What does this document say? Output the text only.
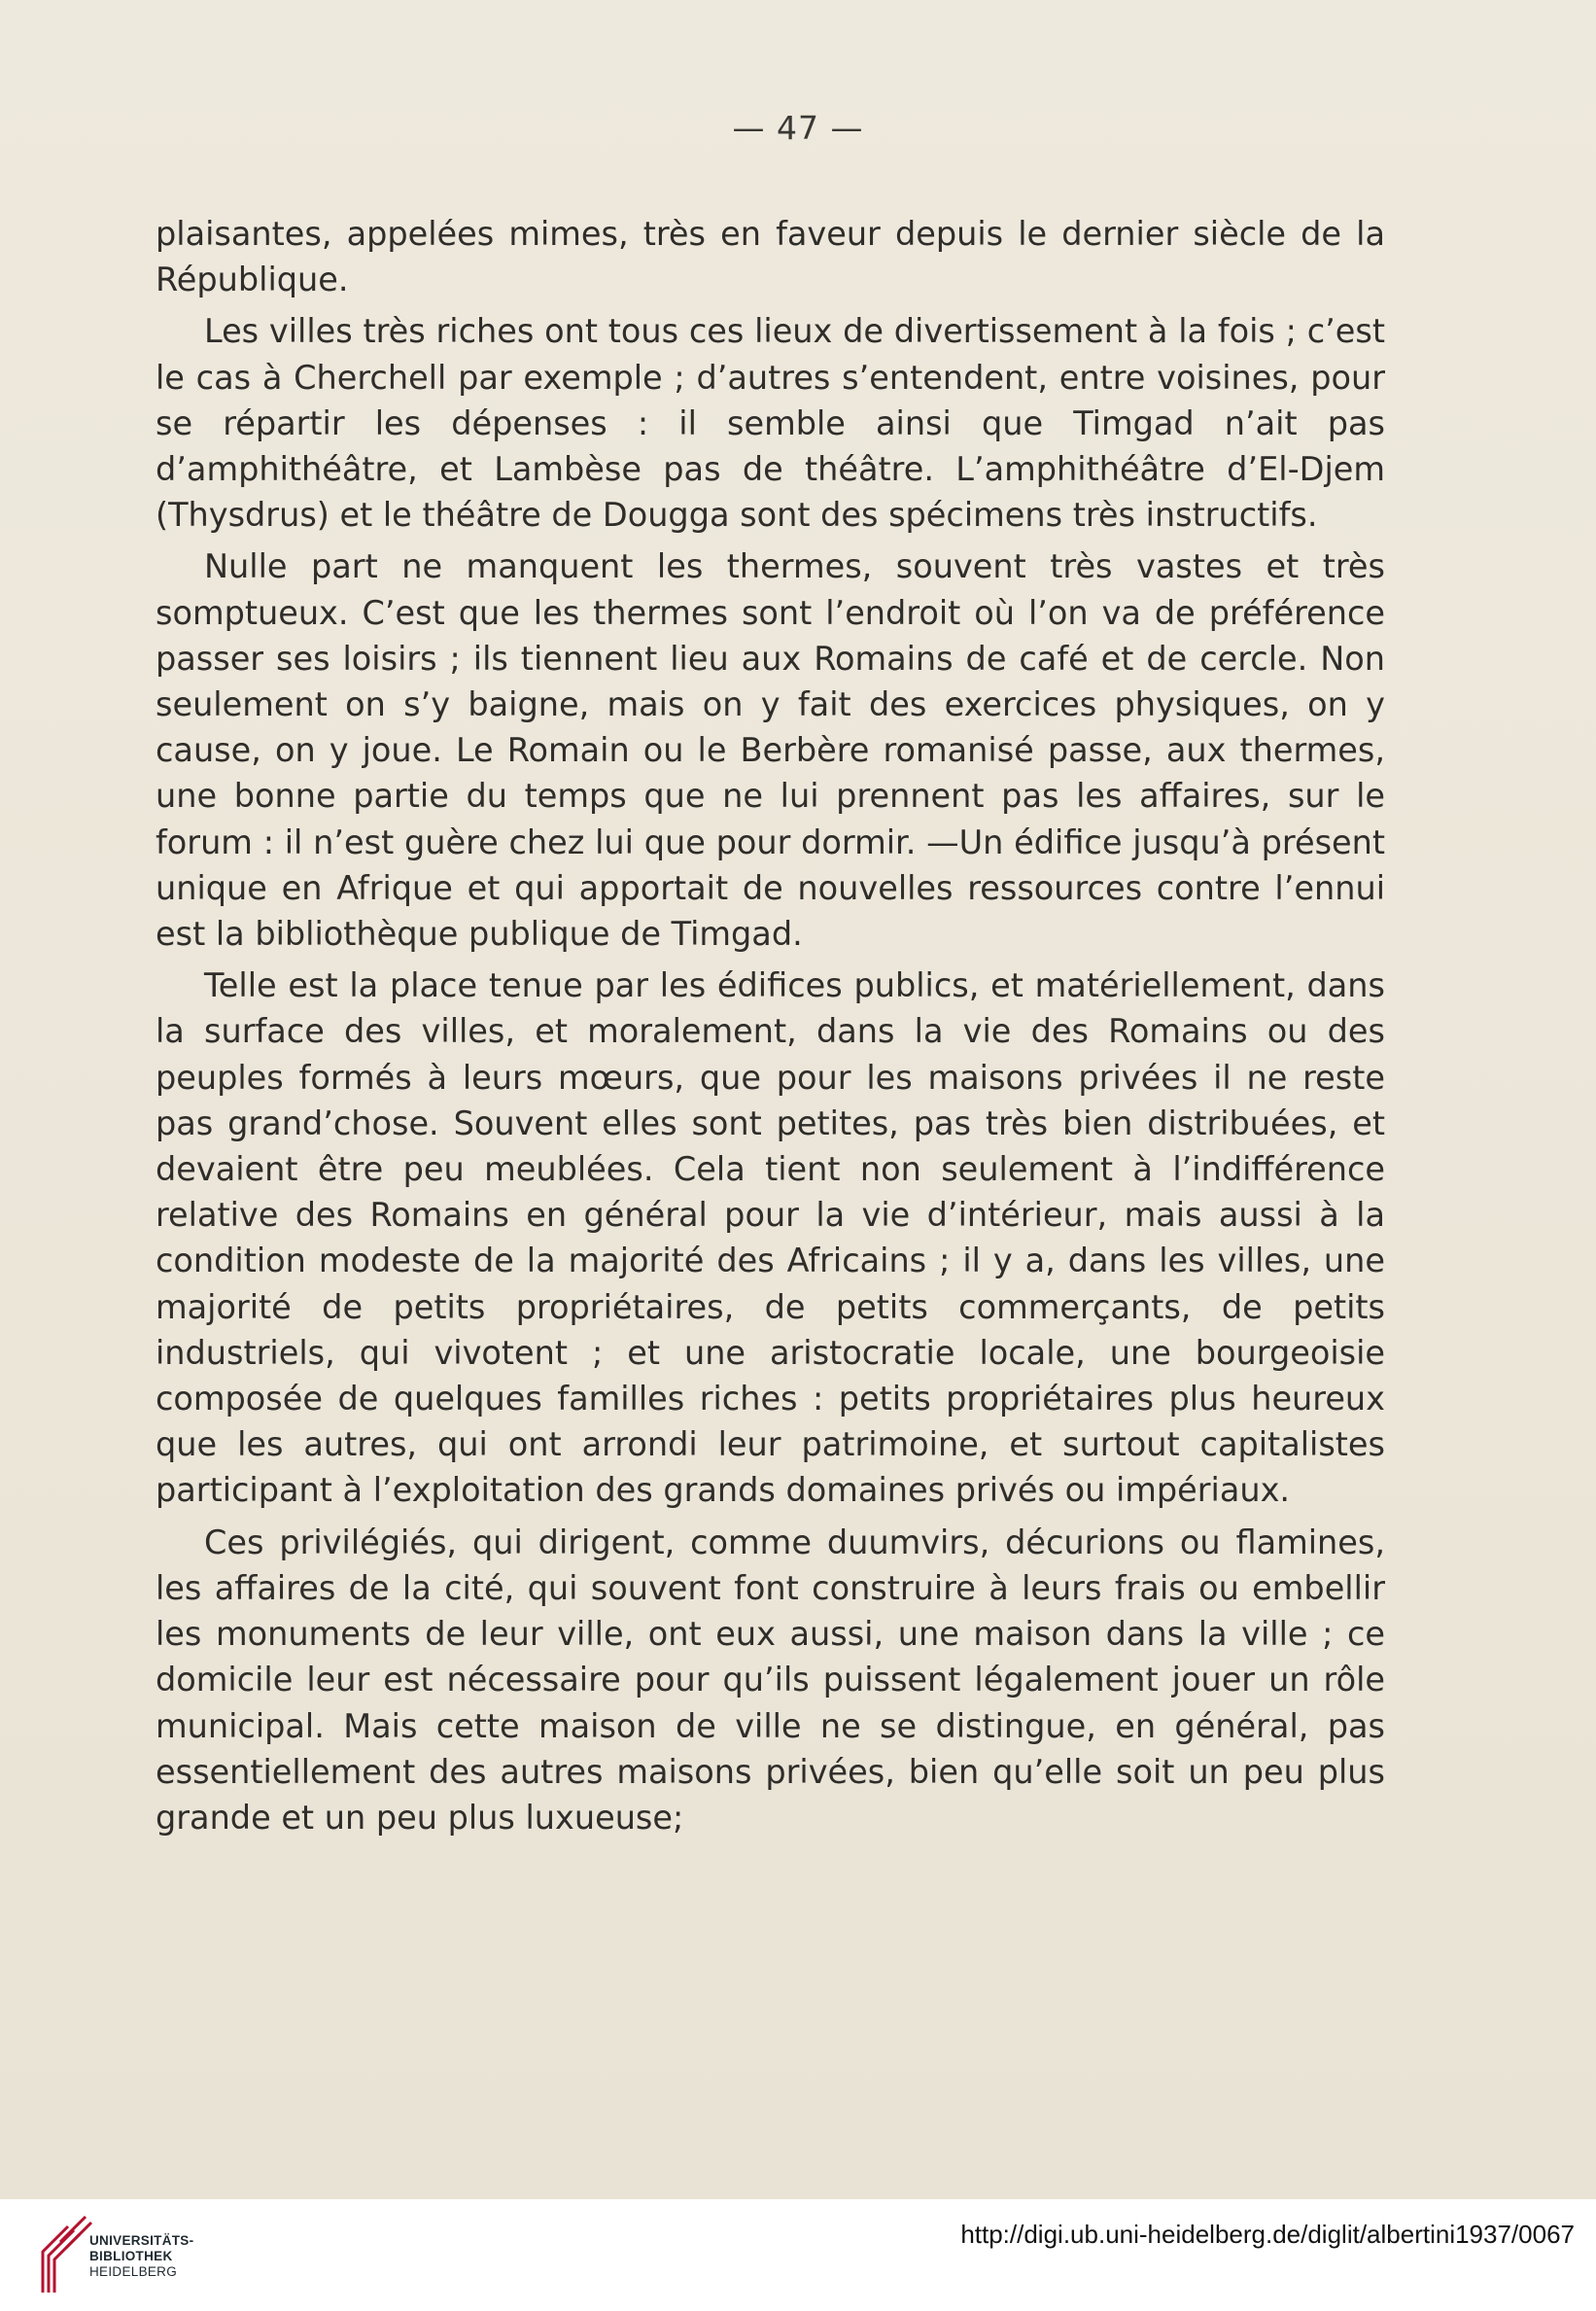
— 47 —

plaisantes, appelées mimes, très en faveur depuis le dernier siècle de la République.

Les villes très riches ont tous ces lieux de divertissement à la fois ; c’est le cas à Cherchell par exemple ; d’autres s’entendent, entre voisines, pour se répartir les dépenses : il semble ainsi que Timgad n’ait pas d’amphithéâtre, et Lambèse pas de théâtre. L’amphithéâtre d’El-Djem (Thysdrus) et le théâtre de Dougga sont des spécimens très instructifs.

Nulle part ne manquent les thermes, souvent très vastes et très somptueux. C’est que les thermes sont l’endroit où l’on va de préférence passer ses loisirs ; ils tiennent lieu aux Romains de café et de cercle. Non seulement on s’y baigne, mais on y fait des exercices physiques, on y cause, on y joue. Le Romain ou le Berbère romanisé passe, aux thermes, une bonne partie du temps que ne lui prennent pas les affaires, sur le forum : il n’est guère chez lui que pour dormir. —Un édifice jusqu’à présent unique en Afrique et qui apportait de nouvelles ressources contre l’ennui est la bibliothèque publique de Timgad.

Telle est la place tenue par les édifices publics, et matériellement, dans la surface des villes, et moralement, dans la vie des Romains ou des peuples formés à leurs mœurs, que pour les maisons privées il ne reste pas grand’chose. Souvent elles sont petites, pas très bien distribuées, et devaient être peu meublées. Cela tient non seulement à l’indifférence relative des Romains en général pour la vie d’intérieur, mais aussi à la condition modeste de la majorité des Africains ; il y a, dans les villes, une majorité de petits propriétaires, de petits commerçants, de petits industriels, qui vivotent ; et une aristocratie locale, une bourgeoisie composée de quelques familles riches : petits propriétaires plus heureux que les autres, qui ont arrondi leur patrimoine, et surtout capitalistes participant à l’exploitation des grands domaines privés ou impériaux.

Ces privilégiés, qui dirigent, comme duumvirs, décurions ou flamines, les affaires de la cité, qui souvent font construire à leurs frais ou embellir les monuments de leur ville, ont eux aussi, une maison dans la ville ; ce domicile leur est nécessaire pour qu’ils puissent légalement jouer un rôle municipal. Mais cette maison de ville ne se distingue, en général, pas essentiellement des autres maisons privées, bien qu’elle soit un peu plus grande et un peu plus luxueuse;

UNIVERSITÄTS-
BIBLIOTHEK
HEIDELBERG
http://digi.ub.uni-heidelberg.de/diglit/albertini1937/0067
